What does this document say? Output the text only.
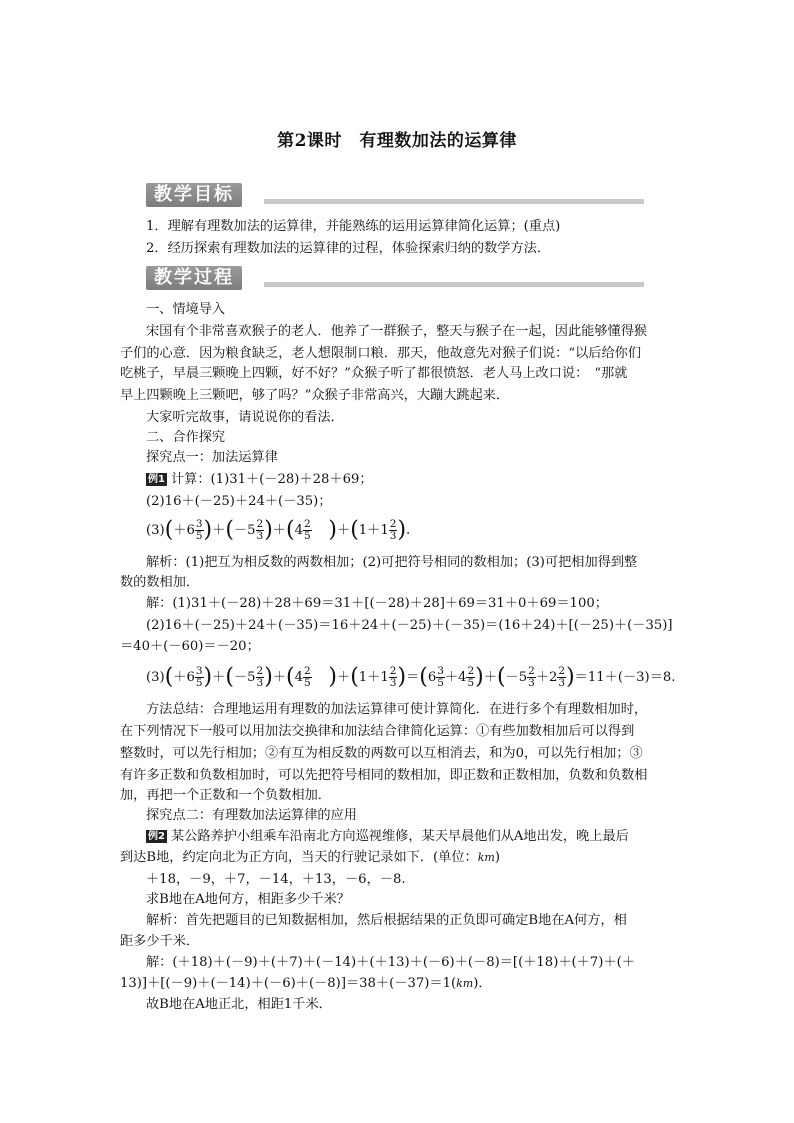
第2课时　有理数加法的运算律
教学目标
1．理解有理数加法的运算律，并能熟练的运用运算律简化运算；(重点)
2．经历探索有理数加法的运算律的过程，体验探索归纳的数学方法．
教学过程
一、情境导入
宋国有个非常喜欢猴子的老人．他养了一群猴子，整天与猴子在一起，因此能够懂得猴
子们的心意．因为粮食缺乏，老人想限制口粮．那天，他故意先对猴子们说：“以后给你们
吃桃子，早晨三颗晚上四颗，好不好？”众猴子听了都很愤怒．老人马上改口说： “那就
早上四颗晚上三颗吧，够了吗？”众猴子非常高兴，大蹦大跳起来．
大家听完故事，请说说你的看法．
二、合作探究
探究点一：加法运算律
例1 计算：(1)31＋(－28)＋28＋69；
(2)16＋(－25)＋24＋(－35)；
$(3)(+6 \frac{3}{5} )+(-5 \frac{2}{3} )+(4 \frac{2}{5} )+(1+1 \frac{2}{3}$ ).
解析：(1)把互为相反数的两数相加；(2)可把符号相同的数相加；(3)可把相加得到整
数的数相加．
解：(1)31＋(－28)＋28＋69＝31＋[(－28)＋28]＋69＝31＋0＋69＝100；
(2)16＋(－25)＋24＋(－35)＝16＋24＋(－25)＋(－35)＝(16＋24)＋[(－25)＋(－35)]
＝40＋(－60)＝－20；
$(3)(+6 \frac{3}{5} )+(-5 \frac{2}{3} )+(4 \frac{2}{5} )+(1+1 \frac{2}{3} )=(6 \frac{3}{5} +4 \frac{2}{5} )+(-5 \frac{2}{3} +2 \frac{2}{3} )=11+(-3)=8$.
方法总结：合理地运用有理数的加法运算律可使计算简化．在进行多个有理数相加时，
在下列情况下一般可以用加法交换律和加法结合律简化运算：①有些加数相加后可以得到
整数时，可以先行相加；②有互为相反数的两数可以互相消去，和为0，可以先行相加；③
有许多正数和负数相加时，可以先把符号相同的数相加，即正数和正数相加，负数和负数相
加，再把一个正数和一个负数相加．
探究点二：有理数加法运算律的应用
例2 某公路养护小组乘车沿南北方向巡视维修，某天早晨他们从A地出发，晚上最后
到达B地，约定向北为正方向，当天的行驶记录如下．(单位：km)
＋18，－9，＋7，－14，＋13，－6，－8.
求B地在A地何方，相距多少千米？
解析：首先把题目的已知数据相加，然后根据结果的正负即可确定B地在A何方，相
距多少千米．
解：(＋18)＋(－9)＋(＋7)＋(－14)＋(＋13)＋(－6)＋(－8)＝[(＋18)＋(＋7)＋(＋
13)]＋[(－9)＋(－14)＋(－6)＋(－8)]＝38＋(－37)＝1(km)．
故B地在A地正北，相距1千米．
